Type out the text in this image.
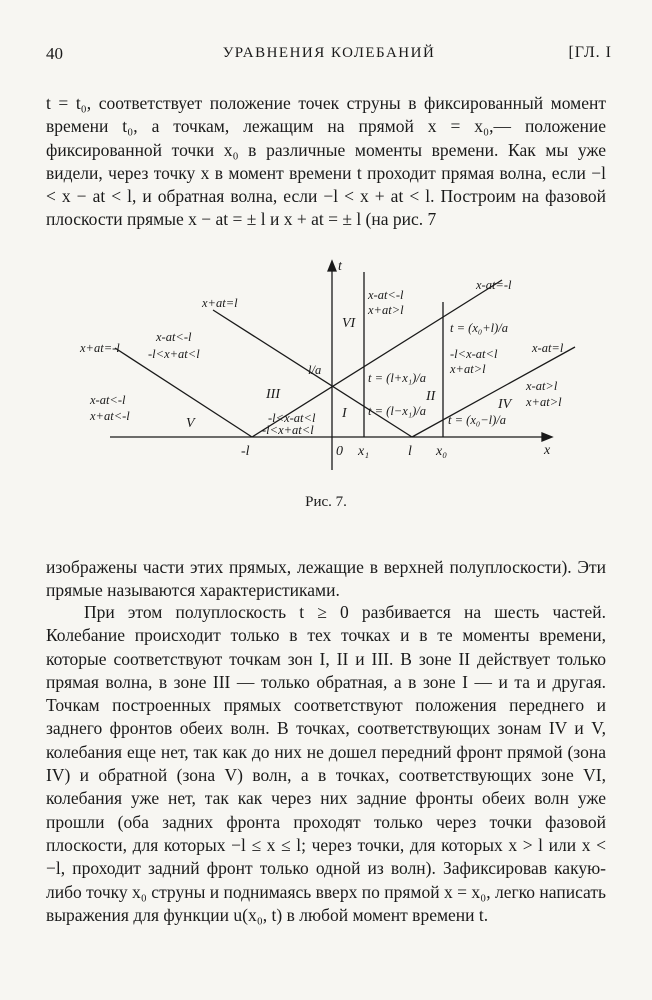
40	УРАВНЕНИЯ КОЛЕБАНИЙ	[ГЛ. I

t = t₀, соответствует положение точек струны в фиксированный момент времени t₀, а точкам, лежащим на прямой x = x₀,— положение фиксированной точки x₀ в различные моменты времени. Как мы уже видели, через точку x в момент времени t проходит прямая волна, если −l < x − at < l, и обратная волна, если −l < x + at < l. Построим на фазовой плоскости прямые x − at = ± l и x + at = ± l (на рис. 7

t
x
-l	0 x₁	l x₀
x+at=l
x+at=-l
x-at=-l
x-at=l
l/a
t = (l+x₁)/a
t = (l−x₁)/a
t = (x₀+l)/a
t = (x₀−l)/a
VI
III
I
II
IV
V
x-at<-l
x+at>l
x-at<-l
-l<x+at<l
x-at<-l
x+at<-l	-l<x-at<l
-l<x+at<l
-l<x-at<l
x+at>l
x-at>l
x+at>l
Рис. 7.

изображены части этих прямых, лежащие в верхней полуплоскости). Эти прямые называются характеристиками.

При этом полуплоскость t ≥ 0 разбивается на шесть частей. Колебание происходит только в тех точках и в те моменты времени, которые соответствуют точкам зон I, II и III. В зоне II действует только прямая волна, в зоне III — только обратная, а в зоне I — и та и другая. Точкам построенных прямых соответствуют положения переднего и заднего фронтов обеих волн. В точках, соответствующих зонам IV и V, колебания еще нет, так как до них не дошел передний фронт прямой (зона IV) и обратной (зона V) волн, а в точках, соответствующих зоне VI, колебания уже нет, так как через них задние фронты обеих волн уже прошли (оба задних фронта проходят только через точки фазовой плоскости, для которых −l ≤ x ≤ l; через точки, для которых x > l или x < −l, проходит задний фронт только одной из волн). Зафиксировав какую-либо точку x₀ струны и поднимаясь вверх по прямой x = x₀, легко написать выражения для функции u(x₀, t) в любой момент времени t.
